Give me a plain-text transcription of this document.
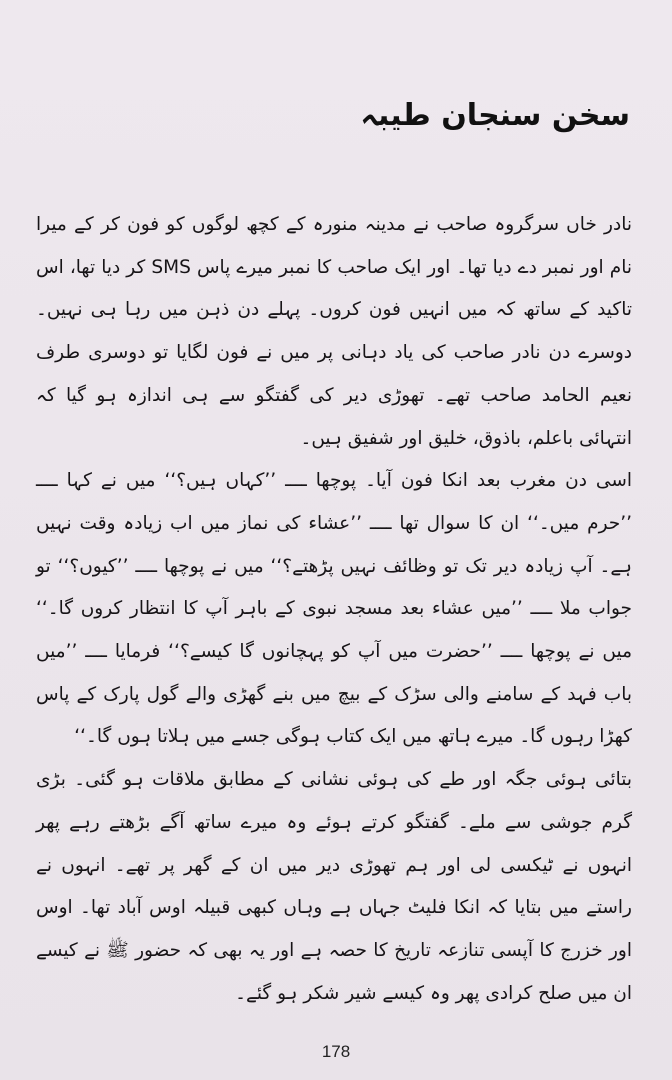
سخن سنجان طیبہ

نادر خاں سرگروہ صاحب نے مدینہ منورہ کے کچھ لوگوں کو فون کر کے میرا نام اور نمبر دے دیا تھا۔ اور ایک صاحب کا نمبر میرے پاس SMS کر دیا تھا، اس تاکید کے ساتھ کہ میں انہیں فون کروں۔ پہلے دن ذہن میں رہا ہی نہیں۔ دوسرے دن نادر صاحب کی یاد دہانی پر میں نے فون لگایا تو دوسری طرف نعیم الحامد صاحب تھے۔ تھوڑی دیر کی گفتگو سے ہی اندازہ ہو گیا کہ انتہائی باعلم، باذوق، خلیق اور شفیق ہیں۔

اسی دن مغرب بعد انکا فون آیا۔ پوچھا ــــ ’’کہاں ہیں؟‘‘ میں نے کہا ــــ ’’حرم میں۔‘‘ ان کا سوال تھا ــــ ’’عشاء کی نماز میں اب زیادہ وقت نہیں ہے۔ آپ زیادہ دیر تک تو وظائف نہیں پڑھتے؟‘‘ میں نے پوچھا ــــ ’’کیوں؟‘‘ تو جواب ملا ــــ ’’میں عشاء بعد مسجد نبوی کے باہر آپ کا انتظار کروں گا۔‘‘ میں نے پوچھا ــــ ’’حضرت میں آپ کو پہچانوں گا کیسے؟‘‘ فرمایا ــــ ’’میں باب فہد کے سامنے والی سڑک کے بیچ میں بنے گھڑی والے گول پارک کے پاس کھڑا رہوں گا۔ میرے ہاتھ میں ایک کتاب ہوگی جسے میں ہلاتا ہوں گا۔‘‘

بتائی ہوئی جگہ اور طے کی ہوئی نشانی کے مطابق ملاقات ہو گئی۔ بڑی گرم جوشی سے ملے۔ گفتگو کرتے ہوئے وہ میرے ساتھ آگے بڑھتے رہے پھر انہوں نے ٹیکسی لی اور ہم تھوڑی دیر میں ان کے گھر پر تھے۔ انہوں نے راستے میں بتایا کہ انکا فلیٹ جہاں ہے وہاں کبھی قبیلہ اوس آباد تھا۔ اوس اور خزرج کا آپسی تنازعہ تاریخ کا حصہ ہے اور یہ بھی کہ حضور ﷺ نے کیسے ان میں صلح کرادی پھر وہ کیسے شیر شکر ہو گئے۔

178
